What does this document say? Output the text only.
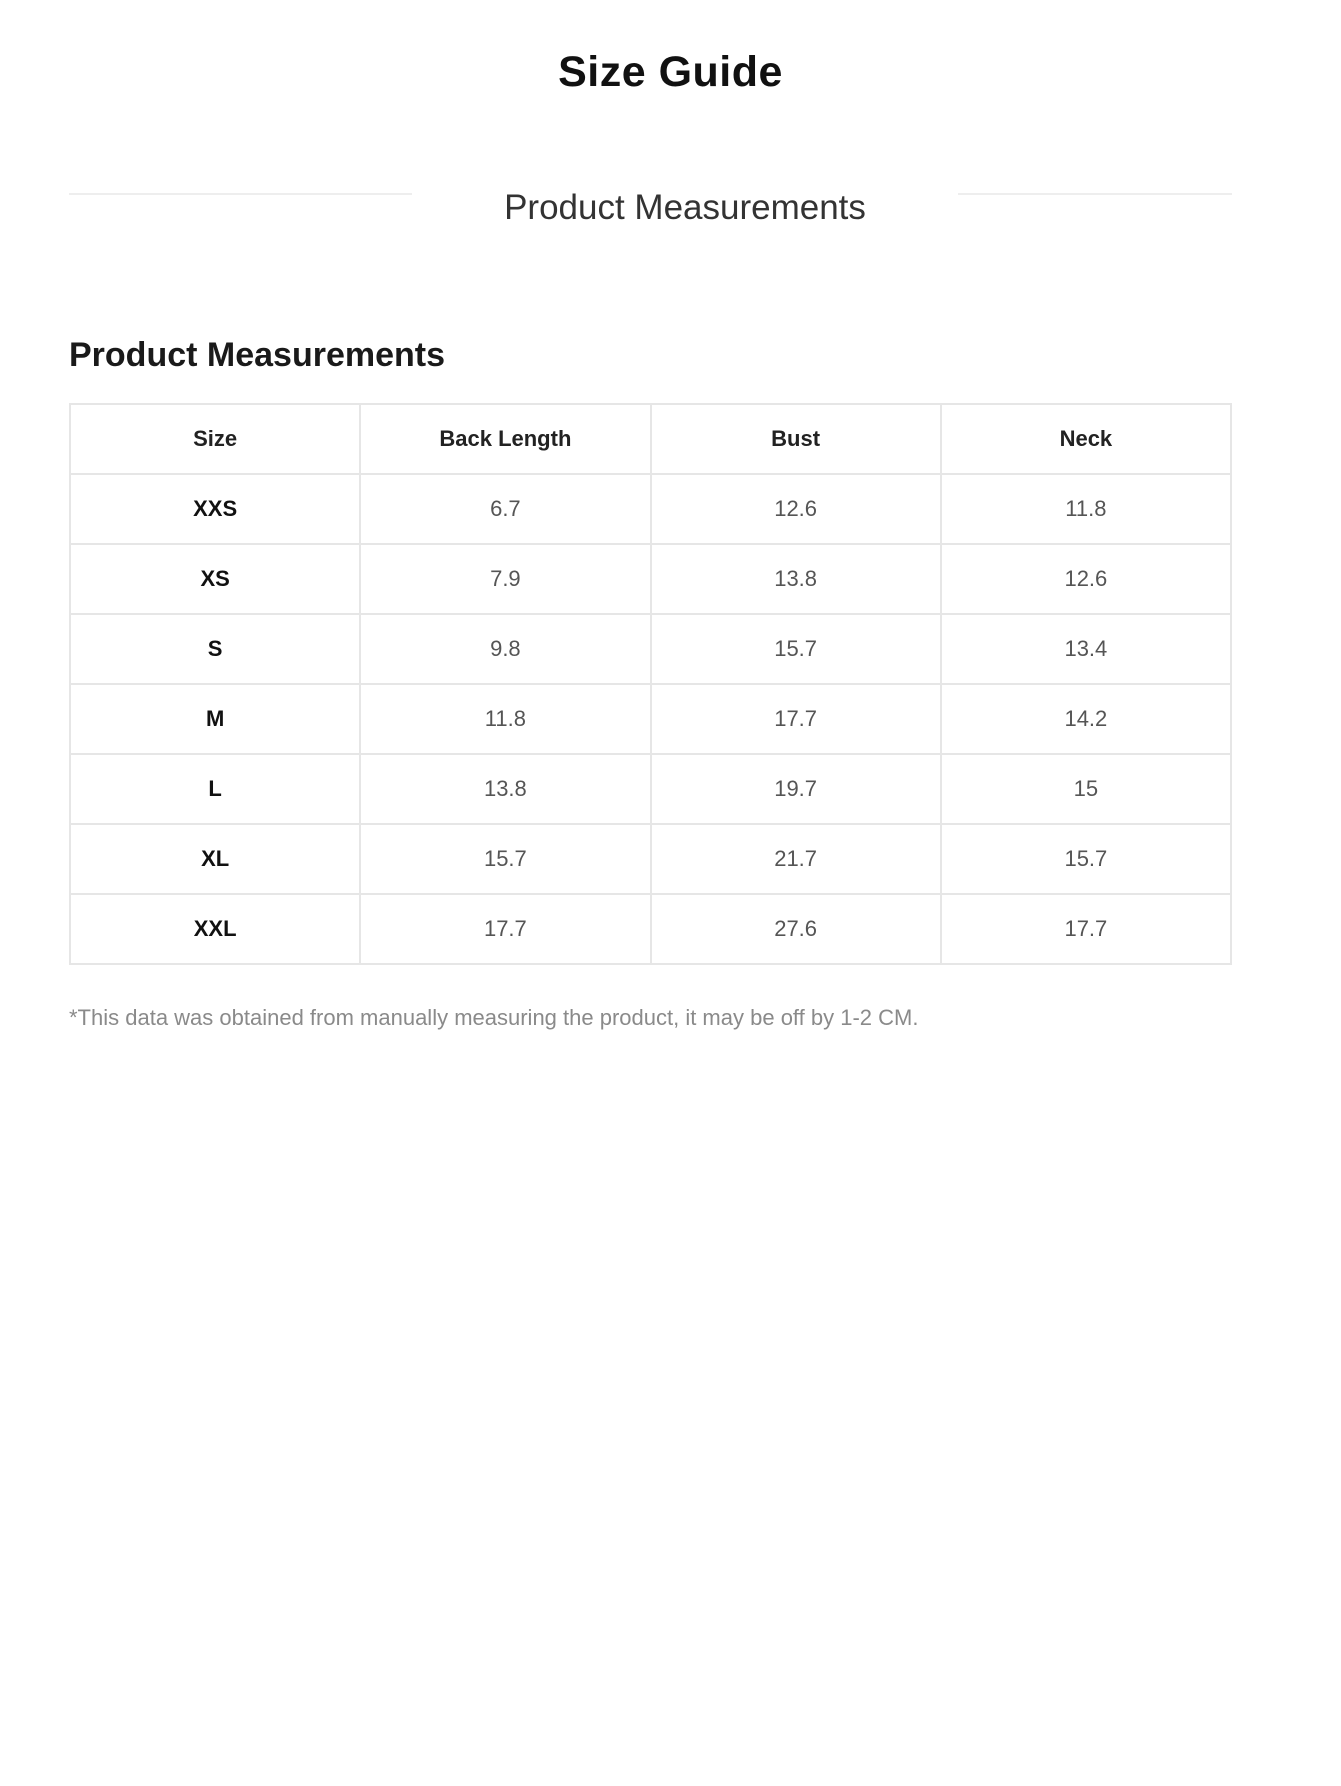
Size Guide
Product Measurements
Product Measurements
Size	Back Length	Bust	Neck
XXS	6.7	12.6	11.8
XS	7.9	13.8	12.6
S	9.8	15.7	13.4
M	11.8	17.7	14.2
L	13.8	19.7	15
XL	15.7	21.7	15.7
XXL	17.7	27.6	17.7
*This data was obtained from manually measuring the product, it may be off by 1-2 CM.
